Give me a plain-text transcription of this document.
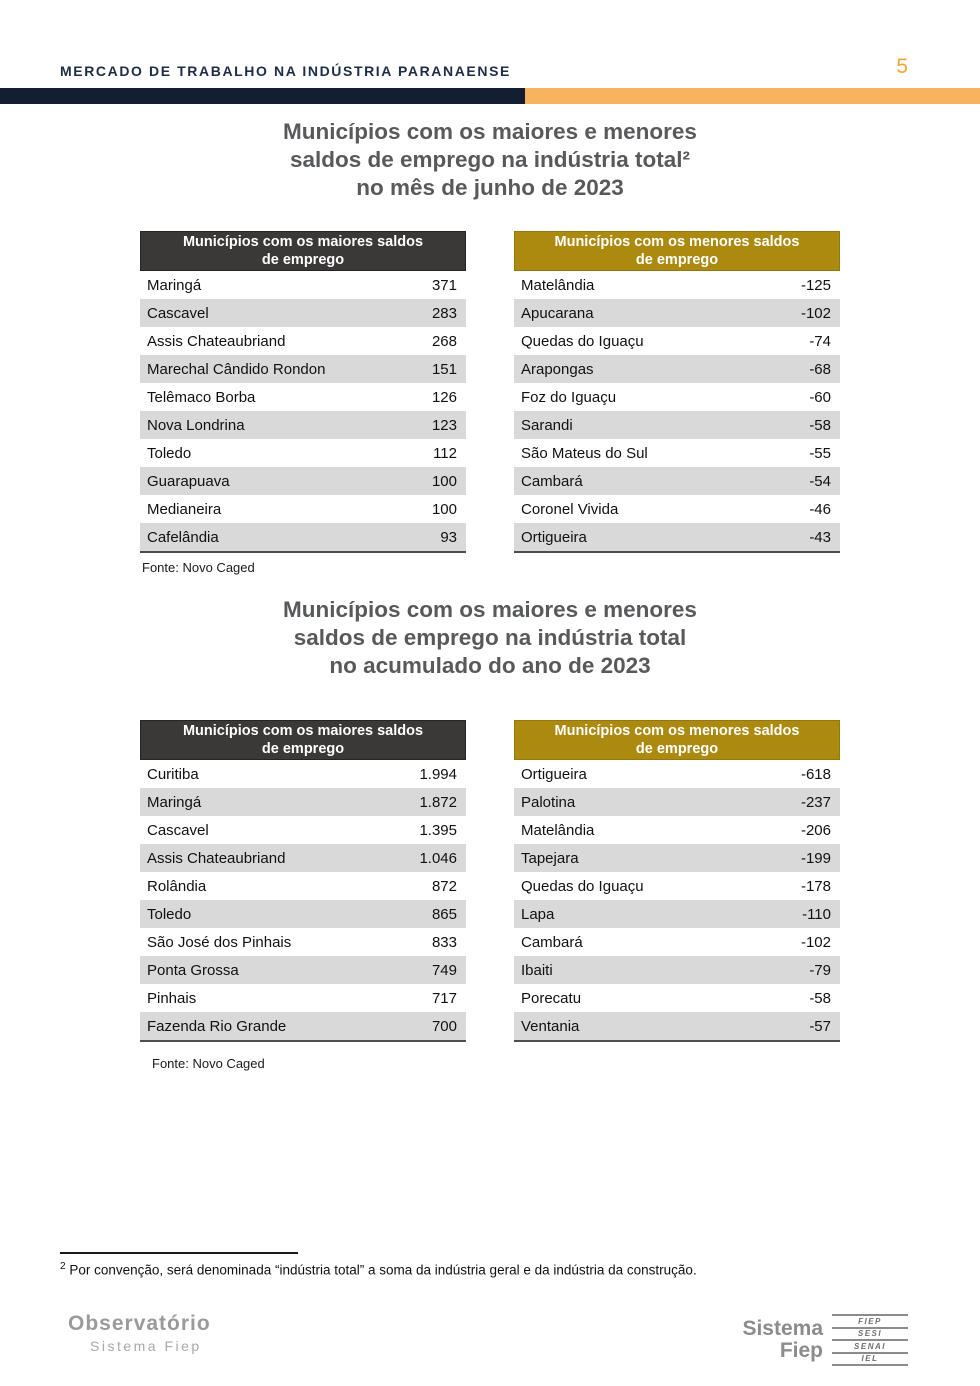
MERCADO DE TRABALHO NA INDÚSTRIA PARANAENSE	5
Municípios com os maiores e menores
saldos de emprego na indústria total²
no mês de junho de 2023
Municípios com os maiores saldos de emprego
Maringá	371
Cascavel	283
Assis Chateaubriand	268
Marechal Cândido Rondon	151
Telêmaco Borba	126
Nova Londrina	123
Toledo	112
Guarapuava	100
Medianeira	100
Cafelândia	93
Municípios com os menores saldos de emprego
Matelândia	-125
Apucarana	-102
Quedas do Iguaçu	-74
Arapongas	-68
Foz do Iguaçu	-60
Sarandi	-58
São Mateus do Sul	-55
Cambará	-54
Coronel Vivida	-46
Ortigueira	-43
Fonte: Novo Caged
Municípios com os maiores e menores
saldos de emprego na indústria total
no acumulado do ano de 2023
Municípios com os maiores saldos de emprego
Curitiba	1.994
Maringá	1.872
Cascavel	1.395
Assis Chateaubriand	1.046
Rolândia	872
Toledo	865
São José dos Pinhais	833
Ponta Grossa	749
Pinhais	717
Fazenda Rio Grande	700
Municípios com os menores saldos de emprego
Ortigueira	-618
Palotina	-237
Matelândia	-206
Tapejara	-199
Quedas do Iguaçu	-178
Lapa	-110
Cambará	-102
Ibaiti	-79
Porecatu	-58
Ventania	-57
Fonte: Novo Caged

$^2$ Por convenção, será denominada “indústria total” a soma da indústria geral e da indústria da construção.

Observatório
Sistema Fiep
Sistema
Fiep
FIEP
SESI
SENAI
IEL
